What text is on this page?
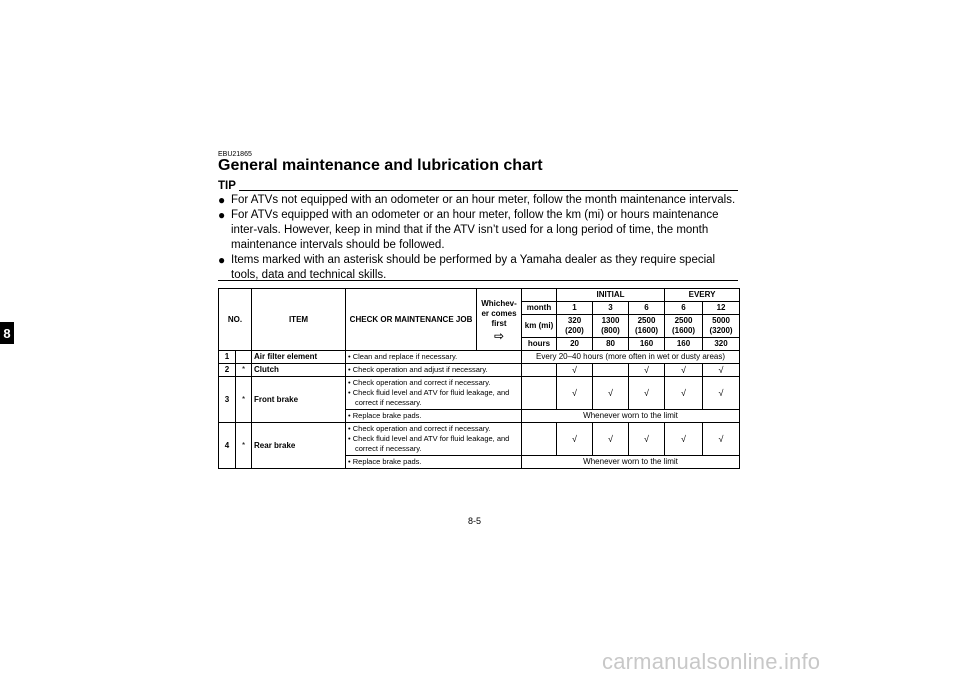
8
EBU21865
General maintenance and lubrication chart
TIP
● For ATVs not equipped with an odometer or an hour meter, follow the month maintenance intervals.
● For ATVs equipped with an odometer or an hour meter, follow the km (mi) or hours maintenance inter-vals. However, keep in mind that if the ATV isn’t used for a long period of time, the month maintenance intervals should be followed.
● Items marked with an asterisk should be performed by a Yamaha dealer as they require special tools, data and technical skills.
NO.		ITEM	CHECK OR MAINTENANCE JOB	Whichev-er comes first
⇨		INITIAL			EVERY	
					month	1	3	6	6	12
					km (mi)	320 (200)	1300 (800)	2500 (1600)	2500 (1600)	5000 (3200)
					hours	20	80	160	160	320
1		Air filter element	• Clean and replace if necessary.		Every 20–40 hours (more often in wet or dusty areas)					
2	*	Clutch	• Check operation and adjust if necessary.			√		√	√	√
3	*	Front brake	• Check operation and correct if necessary.
• Check fluid level and ATV for fluid leakage, and correct if necessary.			√	√	√	√	√
			• Replace brake pads.		Whenever worn to the limit					
4	*	Rear brake	• Check operation and correct if necessary.
• Check fluid level and ATV for fluid leakage, and correct if necessary.			√	√	√	√	√
			• Replace brake pads.		Whenever worn to the limit					
8-5
carmanualsonline.info
